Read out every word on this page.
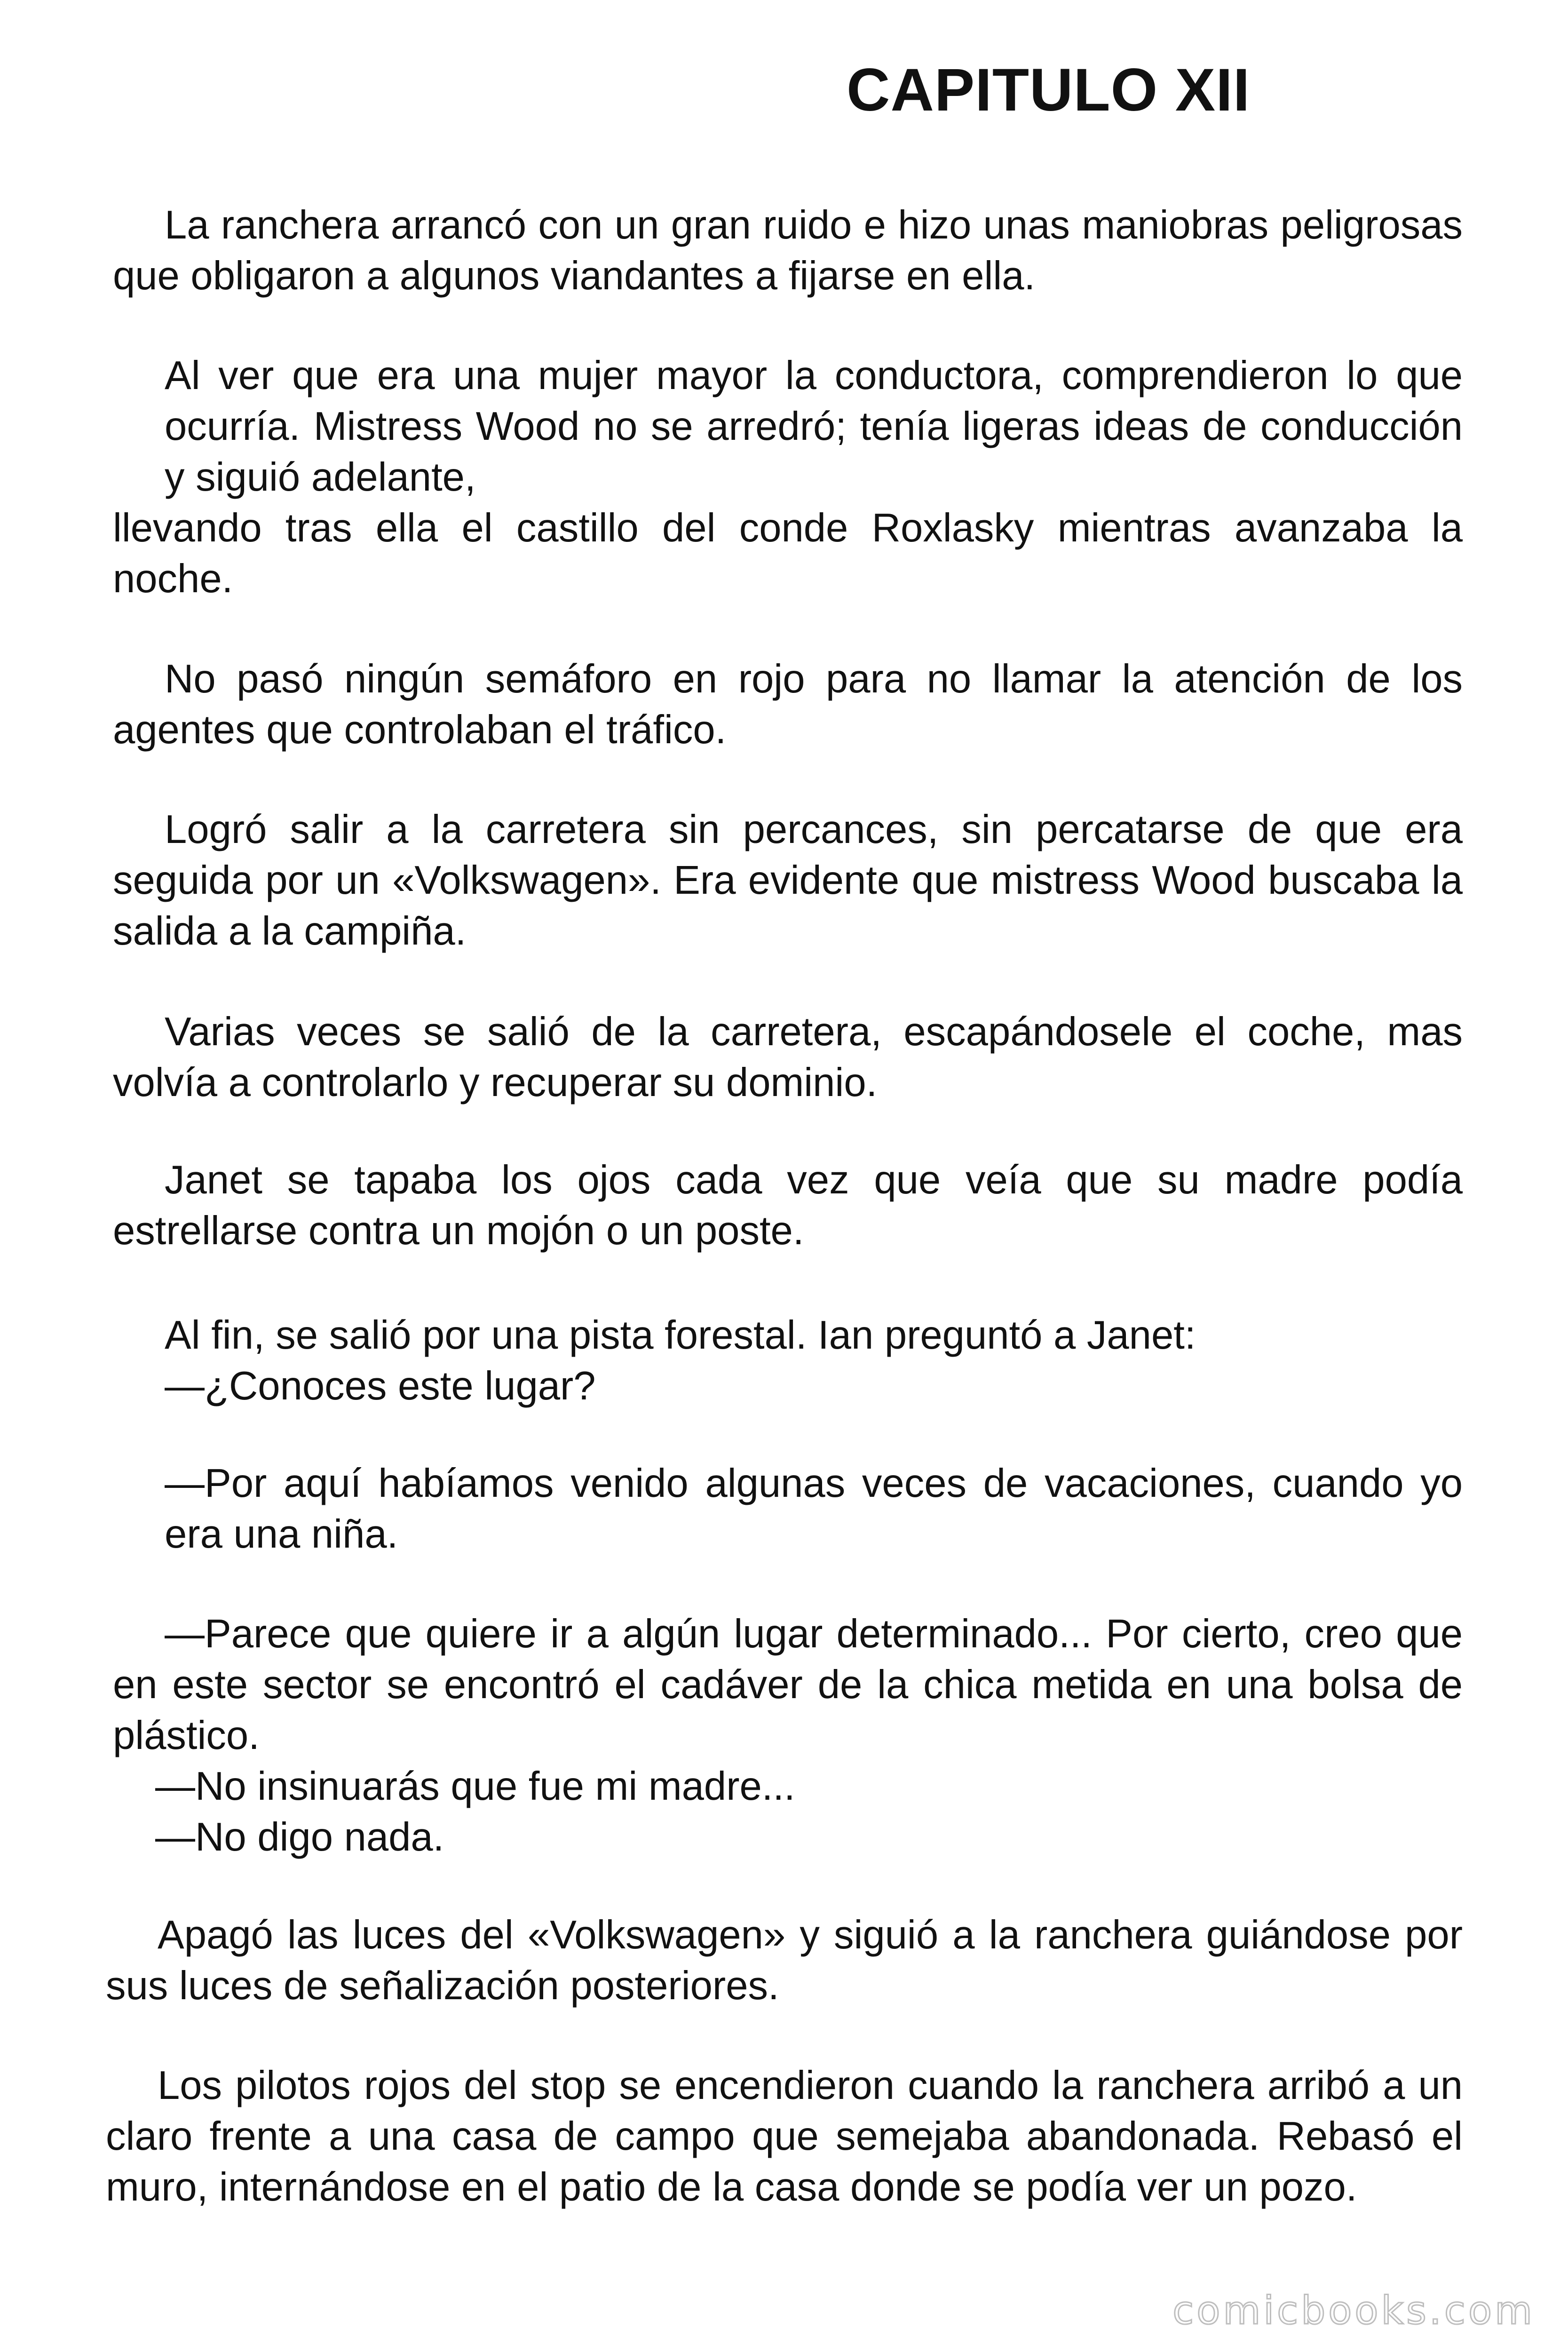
CAPITULO XII

La ranchera arrancó con un gran ruido e hizo unas maniobras peligrosas que obligaron a algunos viandantes a fijarse en ella.

Al ver que era una mujer mayor la conductora, comprendieron lo que ocurría. Mistress Wood no se arredró; tenía ligeras ideas de conducción y siguió adelante,

llevando tras ella el castillo del conde Roxlasky mientras avanzaba la noche.

No pasó ningún semáforo en rojo para no llamar la atención de los agentes que controlaban el tráfico.

Logró salir a la carretera sin percances, sin percatarse de que era seguida por un «Volkswagen». Era evidente que mistress Wood buscaba la salida a la campiña.

Varias veces se salió de la carretera, escapándosele el coche, mas volvía a controlarlo y recuperar su dominio.

Janet se tapaba los ojos cada vez que veía que su madre podía estrellarse contra un mojón o un poste.

Al fin, se salió por una pista forestal. Ian preguntó a Janet:

—¿Conoces este lugar?

—Por aquí habíamos venido algunas veces de vacaciones, cuando yo era una niña.

—Parece que quiere ir a algún lugar determinado... Por cierto, creo que en este sector se encontró el cadáver de la chica metida en una bolsa de plástico.

—No insinuarás que fue mi madre...

—No digo nada.

Apagó las luces del «Volkswagen» y siguió a la ranchera guiándose por sus luces de señalización posteriores.

Los pilotos rojos del stop se encendieron cuando la ranchera arribó a un claro frente a una casa de campo que semejaba abandonada. Rebasó el muro, internándose en el patio de la casa donde se podía ver un pozo.

comicbooks.com
